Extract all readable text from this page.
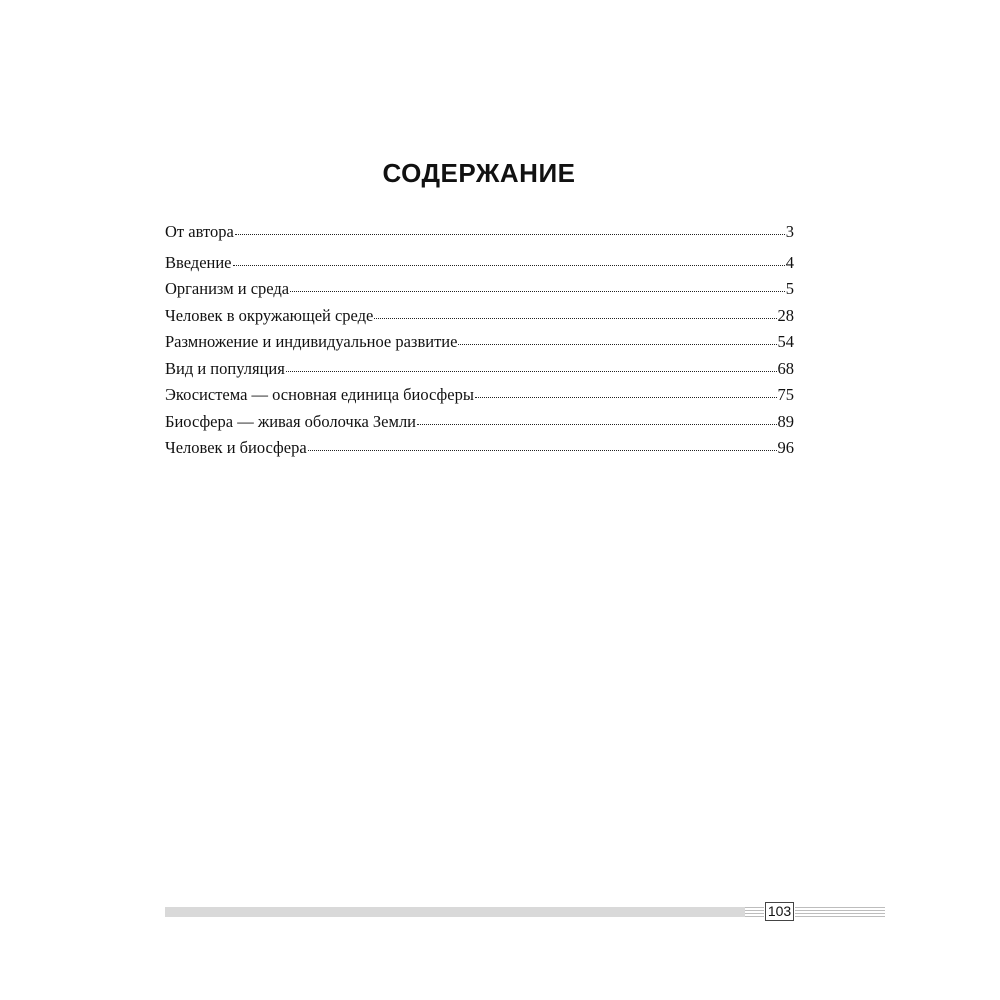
СОДЕРЖАНИЕ
От автора	3
Введение	4
Организм и среда	5
Человек в окружающей среде	28
Размножение и индивидуальное развитие	54
Вид и популяция	68
Экосистема — основная единица биосферы	75
Биосфера — живая оболочка Земли	89
Человек и биосфера	96
103
